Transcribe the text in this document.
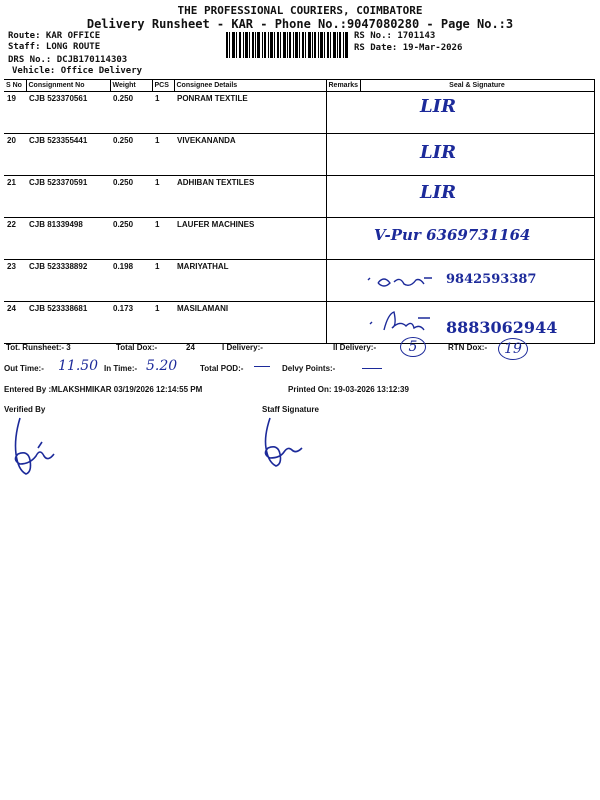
THE PROFESSIONAL COURIERS, COIMBATORE
Delivery Runsheet - KAR - Phone No.:9047080280 - Page No.:3
Route: KAR OFFICE
Staff: LONG ROUTE
DRS No.: DCJB170114303
Vehicle: Office Delivery
RS No.: 1701143
RS Date: 19-Mar-2026
S No	Consignment No	Weight	PCS	Consignee Details	Remarks	Seal & Signature
19	CJB 523370561	0.250	1	PONRAM TEXTILE		LIR

20	CJB 523355441	0.250	1	VIVEKANANDA		LIR

21	CJB 523370591	0.250	1	ADHIBAN TEXTILES		LIR

22	CJB 81339498	0.250	1	LAUFER MACHINES		V-Pur 6369731164

23	CJB 523338892	0.198	1	MARIYATHAL		9842593387

24	CJB 523338681	0.173	1	MASILAMANI		8883062944
Tot. Runsheet:- 3	Total Dox:-	24	I Delivery:-	II Delivery:-	5	RTN Dox:-	19
Out Time:- 11.50 In Time:- 5.20	Total POD:-	Delvy Points:-
Entered By :MLAKSHMIKAR 03/19/2026 12:14:55 PM	Printed On: 19-03-2026 13:12:39
Verified By	Staff Signature
